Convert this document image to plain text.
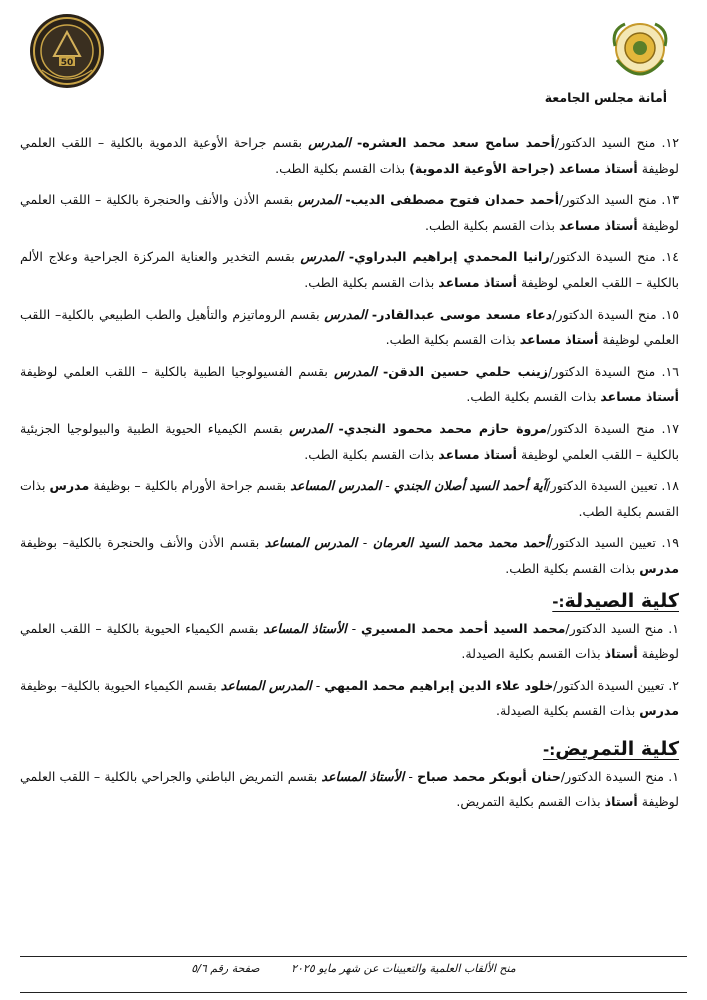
50
أمانة مجلس الجامعة

١٢. منح السيد الدكتور/أحمد سامح سعد محمد العشره- المدرس بقسم جراحة الأوعية الدموية بالكلية – اللقب العلمي لوظيفة أستاذ مساعد (جراحة الأوعية الدموية) بذات القسم بكلية الطب.

١٣. منح السيد الدكتور/أحمد حمدان فتوح مصطفى الديب- المدرس بقسم الأذن والأنف والحنجرة بالكلية – اللقب العلمي لوظيفة أستاذ مساعد بذات القسم بكلية الطب.

١٤. منح السيدة الدكتور/رانيا المحمدي إبراهيم البدراوي- المدرس بقسم التخدير والعناية المركزة الجراحية وعلاج الألم بالكلية – اللقب العلمي لوظيفة أستاذ مساعد بذات القسم بكلية الطب.

١٥. منح السيدة الدكتور/دعاء مسعد موسى عبدالقادر- المدرس بقسم الروماتيزم والتأهيل والطب الطبيعي بالكلية– اللقب العلمي لوظيفة أستاذ مساعد بذات القسم بكلية الطب.

١٦. منح السيدة الدكتور/زينب حلمي حسين الدقن- المدرس بقسم الفسيولوجيا الطبية بالكلية – اللقب العلمي لوظيفة أستاذ مساعد بذات القسم بكلية الطب.

١٧. منح السيدة الدكتور/مروة حازم محمد محمود النجدي- المدرس بقسم الكيمياء الحيوية الطبية والبيولوجيا الجزيئية بالكلية – اللقب العلمي لوظيفة أستاذ مساعد بذات القسم بكلية الطب.

١٨. تعيين السيدة الدكتور/آية أحمد السيد أصلان الجندي - المدرس المساعد بقسم جراحة الأورام بالكلية – بوظيفة مدرس بذات القسم بكلية الطب.

١٩. تعيين السيد الدكتور/أحمد محمد محمد السيد العرمان - المدرس المساعد بقسم الأذن والأنف والحنجرة بالكلية– بوظيفة مدرس بذات القسم بكلية الطب.

كلية الصيدلة:-

١. منح السيد الدكتور/محمد السيد أحمد محمد المسيري - الأستاذ المساعد بقسم الكيمياء الحيوية بالكلية – اللقب العلمي لوظيفة أستاذ بذات القسم بكلية الصيدلة.

٢. تعيين السيدة الدكتور/خلود علاء الدين إبراهيم محمد الميهي - المدرس المساعد بقسم الكيمياء الحيوية بالكلية– بوظيفة مدرس بذات القسم بكلية الصيدلة.

كلية التمريض:-

١. منح السيدة الدكتور/حنان أبوبكر محمد صباح - الأستاذ المساعد بقسم التمريض الباطني والجراحي بالكلية – اللقب العلمي لوظيفة أستاذ بذات القسم بكلية التمريض.

منح الألقاب العلمية والتعيينات عن شهر مايو ٢٠٢٥ صفحة رقم ٥/٦
